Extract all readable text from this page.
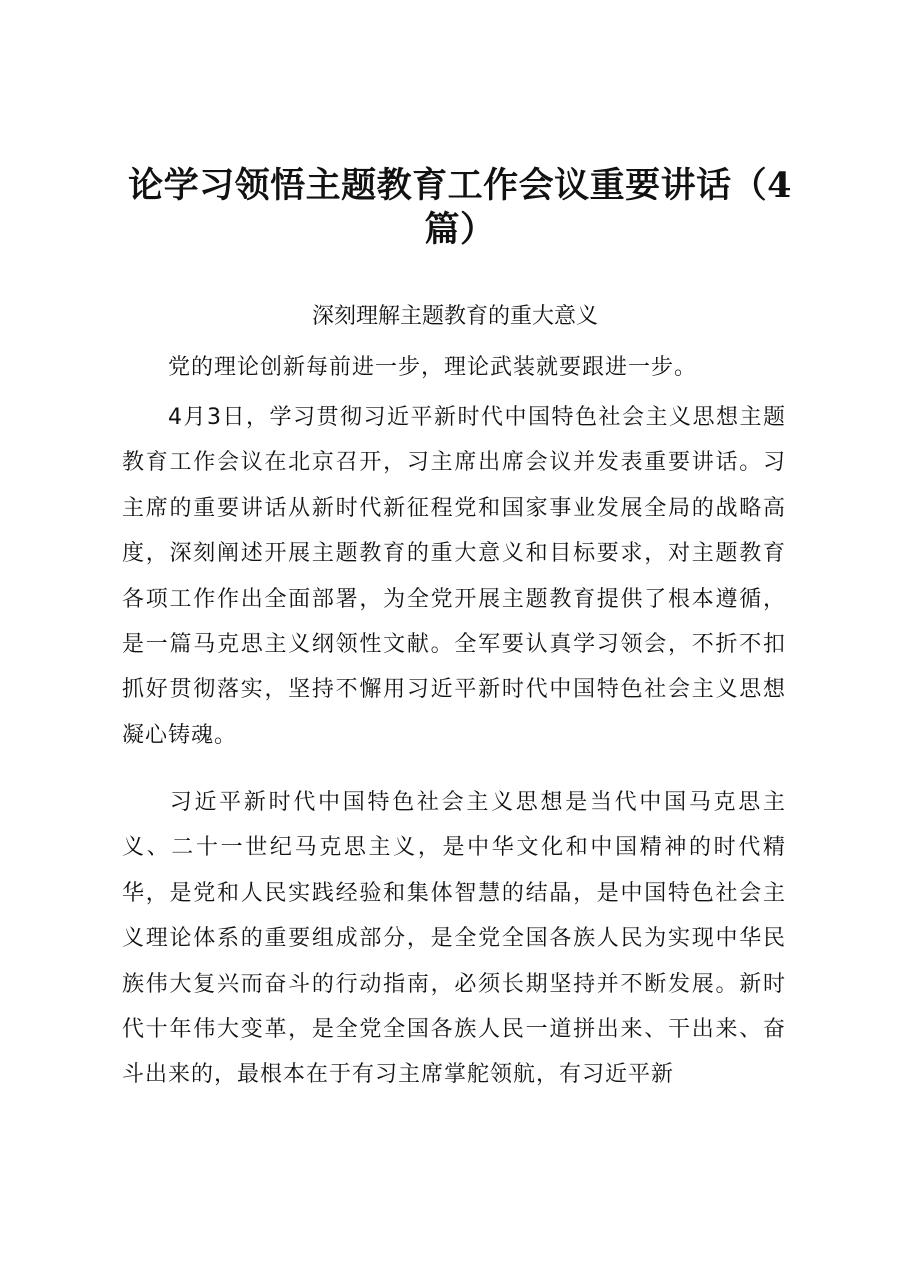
论学习领悟主题教育工作会议重要讲话（4篇）

深刻理解主题教育的重大意义

党的理论创新每前进一步，理论武装就要跟进一步。

4月3日，学习贯彻习近平新时代中国特色社会主义思想主题教育工作会议在北京召开，习主席出席会议并发表重要讲话。习主席的重要讲话从新时代新征程党和国家事业发展全局的战略高度，深刻阐述开展主题教育的重大意义和目标要求，对主题教育各项工作作出全面部署，为全党开展主题教育提供了根本遵循，是一篇马克思主义纲领性文献。全军要认真学习领会，不折不扣抓好贯彻落实，坚持不懈用习近平新时代中国特色社会主义思想凝心铸魂。

习近平新时代中国特色社会主义思想是当代中国马克思主义、二十一世纪马克思主义，是中华文化和中国精神的时代精华，是党和人民实践经验和集体智慧的结晶，是中国特色社会主义理论体系的重要组成部分，是全党全国各族人民为实现中华民族伟大复兴而奋斗的行动指南，必须长期坚持并不断发展。新时代十年伟大变革，是全党全国各族人民一道拼出来、干出来、奋斗出来的，最根本在于有习主席掌舵领航，有习近平新
